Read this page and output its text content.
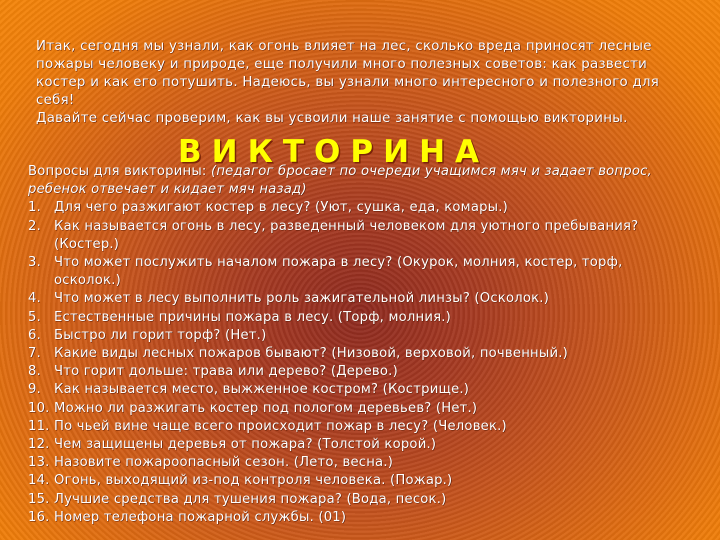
Итак, сегодня мы узнали, как огонь влияет на лес, сколько вреда приносят лесные пожары человеку и природе, еще получили много полезных советов: как развести костер и как его потушить. Надеюсь, вы узнали много интересного и полезного для себя!

Давайте сейчас проверим, как вы усвоили наше занятие с помощью викторины.

ВИКТОРИНА

Вопросы для викторины: (педагог бросает по очереди учащимся мяч и задает вопрос, ребенок отвечает и кидает мяч назад)

1. Для чего разжигают костер в лесу? (Уют, сушка, еда, комары.)
2. Как называется огонь в лесу, разведенный человеком для уютного пребывания? (Костер.)
3. Что может послужить началом пожара в лесу? (Окурок, молния, костер, торф, осколок.)
4. Что может в лесу выполнить роль зажигательной линзы? (Осколок.)
5. Естественные причины пожара в лесу. (Торф, молния.)
6. Быстро ли горит торф? (Нет.)
7. Какие виды лесных пожаров бывают? (Низовой, верховой, почвенный.)
8. Что горит дольше: трава или дерево? (Дерево.)
9. Как называется место, выжженное костром? (Кострище.)
10. Можно ли разжигать костер под пологом деревьев? (Нет.)
11. По чьей вине чаще всего происходит пожар в лесу? (Человек.)
12. Чем защищены деревья от пожара? (Толстой корой.)
13. Назовите пожароопасный сезон. (Лето, весна.)
14. Огонь, выходящий из-под контроля человека. (Пожар.)
15. Лучшие средства для тушения пожара? (Вода, песок.)
16. Номер телефона пожарной службы. (01)
